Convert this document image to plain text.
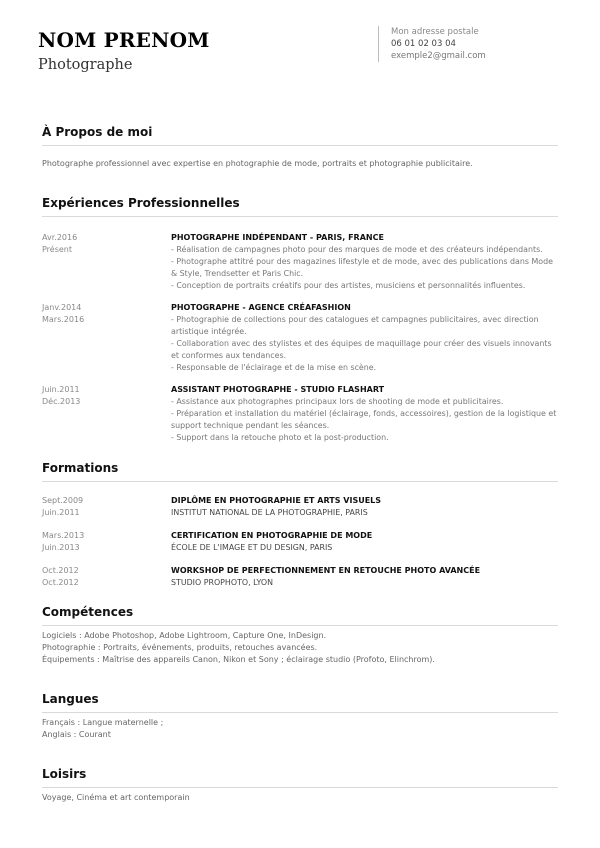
NOM PRENOM
Photographe
Mon adresse postale
06 01 02 03 04
exemple2@gmail.com
À Propos de moi
Photographe professionnel avec expertise en photographie de mode, portraits et photographie publicitaire.
Expériences Professionnelles
Avr.2016
Présent
PHOTOGRAPHE INDÉPENDANT - PARIS, FRANCE
- Réalisation de campagnes photo pour des marques de mode et des créateurs indépendants.
- Photographe attitré pour des magazines lifestyle et de mode, avec des publications dans Mode & Style, Trendsetter et Paris Chic.
- Conception de portraits créatifs pour des artistes, musiciens et personnalités influentes.
Janv.2014
Mars.2016
PHOTOGRAPHE - AGENCE CRÉAFASHION
- Photographie de collections pour des catalogues et campagnes publicitaires, avec direction artistique intégrée.
- Collaboration avec des stylistes et des équipes de maquillage pour créer des visuels innovants et conformes aux tendances.
- Responsable de l'éclairage et de la mise en scène.
Juin.2011
Déc.2013
ASSISTANT PHOTOGRAPHE - STUDIO FLASHART
- Assistance aux photographes principaux lors de shooting de mode et publicitaires.
- Préparation et installation du matériel (éclairage, fonds, accessoires), gestion de la logistique et support technique pendant les séances.
- Support dans la retouche photo et la post-production.
Formations
Sept.2009
Juin.2011
DIPLÔME EN PHOTOGRAPHIE ET ARTS VISUELS
INSTITUT NATIONAL DE LA PHOTOGRAPHIE, PARIS
Mars.2013
Juin.2013
CERTIFICATION EN PHOTOGRAPHIE DE MODE
ÉCOLE DE L'IMAGE ET DU DESIGN, PARIS
Oct.2012
Oct.2012
WORKSHOP DE PERFECTIONNEMENT EN RETOUCHE PHOTO AVANCÉE
STUDIO PROPHOTO, LYON
Compétences
Logiciels : Adobe Photoshop, Adobe Lightroom, Capture One, InDesign.
Photographie : Portraits, événements, produits, retouches avancées.
Équipements : Maîtrise des appareils Canon, Nikon et Sony ; éclairage studio (Profoto, Elinchrom).
Langues
Français : Langue maternelle ;
Anglais : Courant
Loisirs
Voyage, Cinéma et art contemporain
